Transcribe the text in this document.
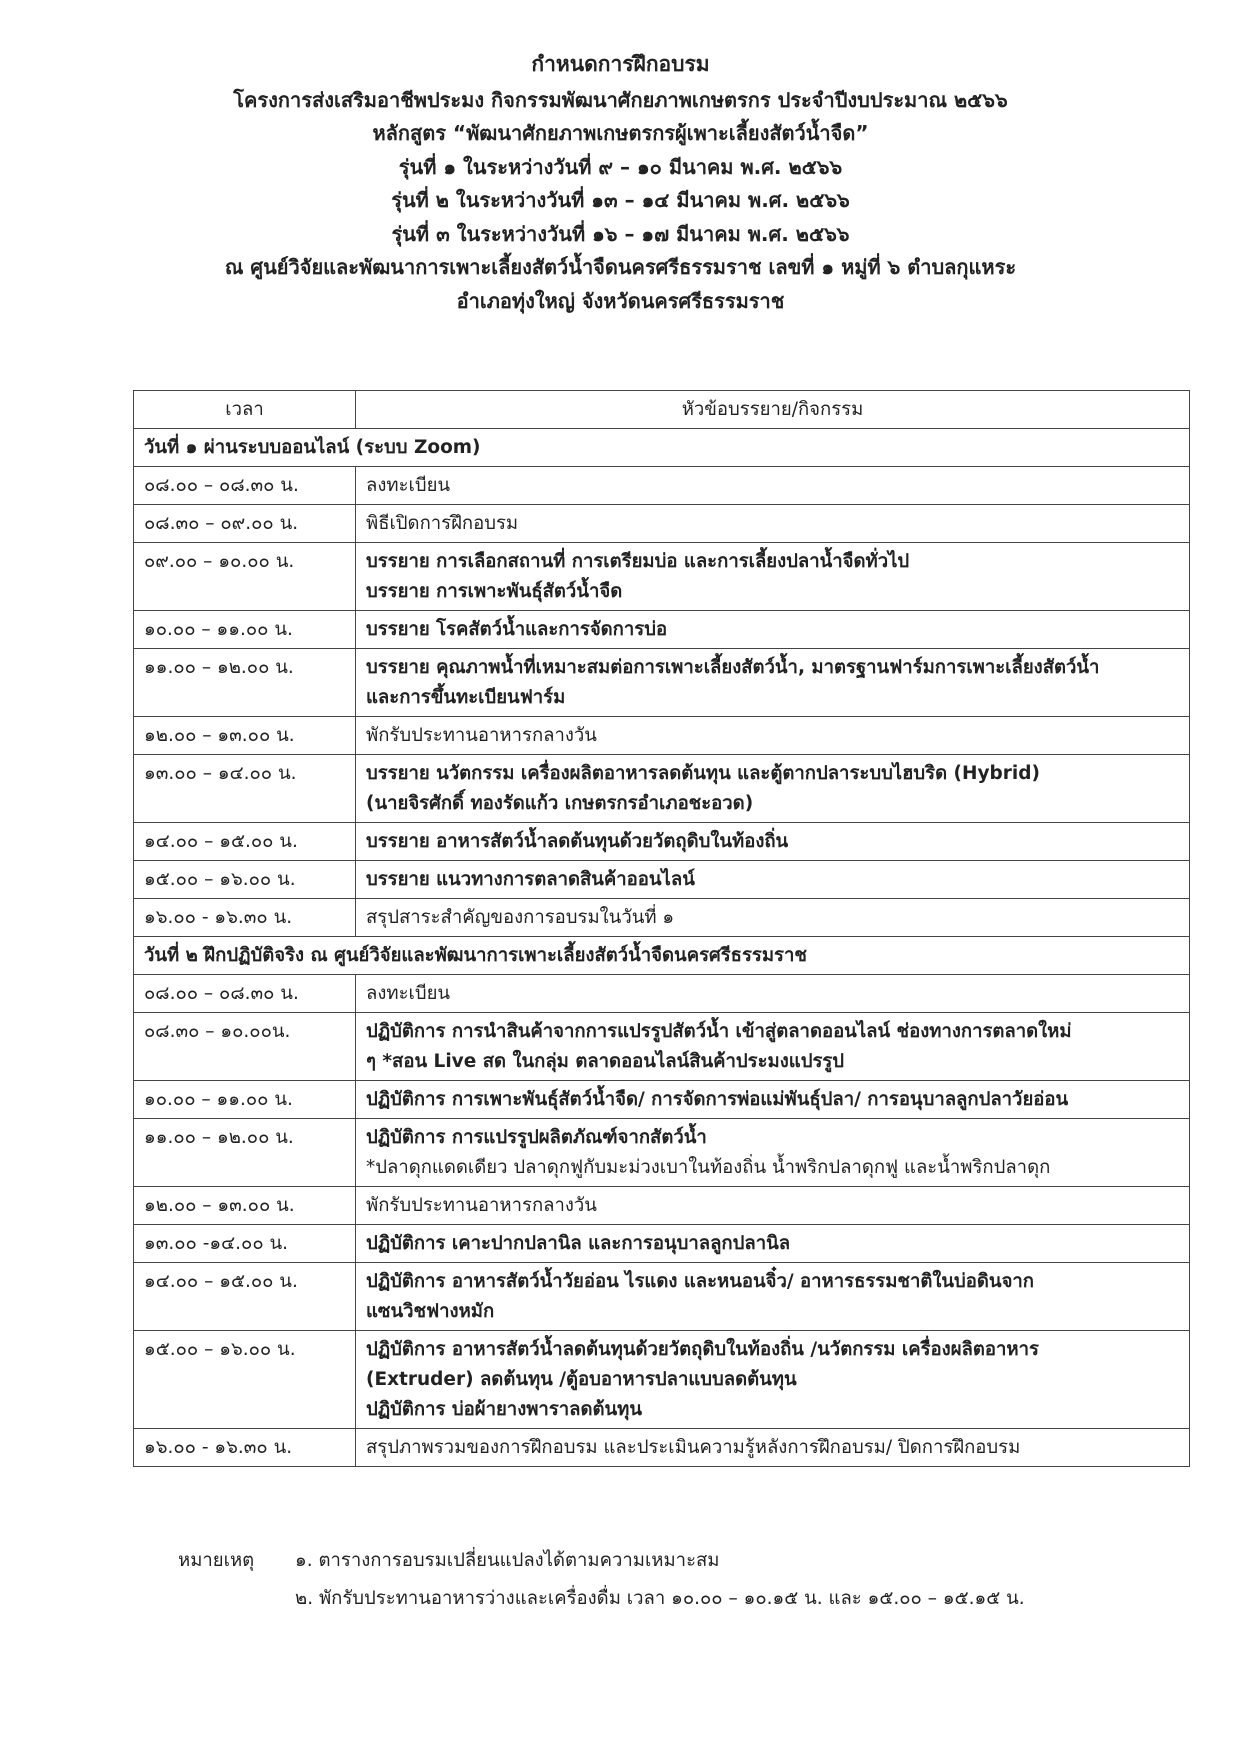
กำหนดการฝึกอบรม
โครงการส่งเสริมอาชีพประมง กิจกรรมพัฒนาศักยภาพเกษตรกร ประจำปีงบประมาณ ๒๕๖๖
หลักสูตร “พัฒนาศักยภาพเกษตรกรผู้เพาะเลี้ยงสัตว์น้ำจืด”
รุ่นที่ ๑ ในระหว่างวันที่ ๙ – ๑๐ มีนาคม พ.ศ. ๒๕๖๖
รุ่นที่ ๒ ในระหว่างวันที่ ๑๓ – ๑๔ มีนาคม พ.ศ. ๒๕๖๖
รุ่นที่ ๓ ในระหว่างวันที่ ๑๖ – ๑๗ มีนาคม พ.ศ. ๒๕๖๖
ณ ศูนย์วิจัยและพัฒนาการเพาะเลี้ยงสัตว์น้ำจืดนครศรีธรรมราช เลขที่ ๑ หมู่ที่ ๖ ตำบลกุแหระ
อำเภอทุ่งใหญ่ จังหวัดนครศรีธรรมราช
เวลา	หัวข้อบรรยาย/กิจกรรม
วันที่ ๑ ผ่านระบบออนไลน์ (ระบบ Zoom)	
๐๘.๐๐ – ๐๘.๓๐ น.	ลงทะเบียน

๐๘.๓๐ – ๐๙.๐๐ น.	พิธีเปิดการฝึกอบรม

๐๙.๐๐ – ๑๐.๐๐ น.	บรรยาย การเลือกสถานที่ การเตรียมบ่อ และการเลี้ยงปลาน้ำจืดทั่วไป
บรรยาย การเพาะพันธุ์สัตว์น้ำจืด

๑๐.๐๐ – ๑๑.๐๐ น.	บรรยาย โรคสัตว์น้ำและการจัดการบ่อ

๑๑.๐๐ – ๑๒.๐๐ น.	บรรยาย คุณภาพน้ำที่เหมาะสมต่อการเพาะเลี้ยงสัตว์น้ำ, มาตรฐานฟาร์มการเพาะเลี้ยงสัตว์น้ำ
และการขึ้นทะเบียนฟาร์ม

๑๒.๐๐ – ๑๓.๐๐ น.	พักรับประทานอาหารกลางวัน

๑๓.๐๐ – ๑๔.๐๐ น.	บรรยาย นวัตกรรม เครื่องผลิตอาหารลดต้นทุน และตู้ตากปลาระบบไฮบริด (Hybrid)
(นายจิรศักดิ์ ทองรัดแก้ว เกษตรกรอำเภอชะอวด)

๑๔.๐๐ – ๑๕.๐๐ น.	บรรยาย อาหารสัตว์น้ำลดต้นทุนด้วยวัตถุดิบในท้องถิ่น

๑๕.๐๐ – ๑๖.๐๐ น.	บรรยาย แนวทางการตลาดสินค้าออนไลน์

๑๖.๐๐ - ๑๖.๓๐ น.	สรุปสาระสำคัญของการอบรมในวันที่ ๑

วันที่ ๒ ฝึกปฏิบัติจริง ณ ศูนย์วิจัยและพัฒนาการเพาะเลี้ยงสัตว์น้ำจืดนครศรีธรรมราช	
๐๘.๐๐ – ๐๘.๓๐ น.	ลงทะเบียน

๐๘.๓๐ – ๑๐.๐๐น.	ปฏิบัติการ การนำสินค้าจากการแปรรูปสัตว์น้ำ เข้าสู่ตลาดออนไลน์ ช่องทางการตลาดใหม่
ๆ *สอน Live สด ในกลุ่ม ตลาดออนไลน์สินค้าประมงแปรรูป

๑๐.๐๐ – ๑๑.๐๐ น.	ปฏิบัติการ การเพาะพันธุ์สัตว์น้ำจืด/ การจัดการพ่อแม่พันธุ์ปลา/ การอนุบาลลูกปลาวัยอ่อน

๑๑.๐๐ – ๑๒.๐๐ น.	ปฏิบัติการ การแปรรูปผลิตภัณฑ์จากสัตว์น้ำ
*ปลาดุกแดดเดียว ปลาดุกฟูกับมะม่วงเบาในท้องถิ่น น้ำพริกปลาดุกฟู และน้ำพริกปลาดุก

๑๒.๐๐ – ๑๓.๐๐ น.	พักรับประทานอาหารกลางวัน

๑๓.๐๐ -๑๔.๐๐ น.	ปฏิบัติการ เคาะปากปลานิล และการอนุบาลลูกปลานิล

๑๔.๐๐ – ๑๕.๐๐ น.	ปฏิบัติการ อาหารสัตว์น้ำวัยอ่อน ไรแดง และหนอนจิ๋ว/ อาหารธรรมชาติในบ่อดินจาก
แซนวิชฟางหมัก

๑๕.๐๐ – ๑๖.๐๐ น.	ปฏิบัติการ อาหารสัตว์น้ำลดต้นทุนด้วยวัตถุดิบในท้องถิ่น /นวัตกรรม เครื่องผลิตอาหาร
(Extruder) ลดต้นทุน /ตู้อบอาหารปลาแบบลดต้นทุน
ปฏิบัติการ บ่อผ้ายางพาราลดต้นทุน

๑๖.๐๐ - ๑๖.๓๐ น.	สรุปภาพรวมของการฝึกอบรม และประเมินความรู้หลังการฝึกอบรม/ ปิดการฝึกอบรม
หมายเหตุ ๑. ตารางการอบรมเปลี่ยนแปลงได้ตามความเหมาะสม
๒. พักรับประทานอาหารว่างและเครื่องดื่ม เวลา ๑๐.๐๐ – ๑๐.๑๕ น. และ ๑๕.๐๐ – ๑๕.๑๕ น.
